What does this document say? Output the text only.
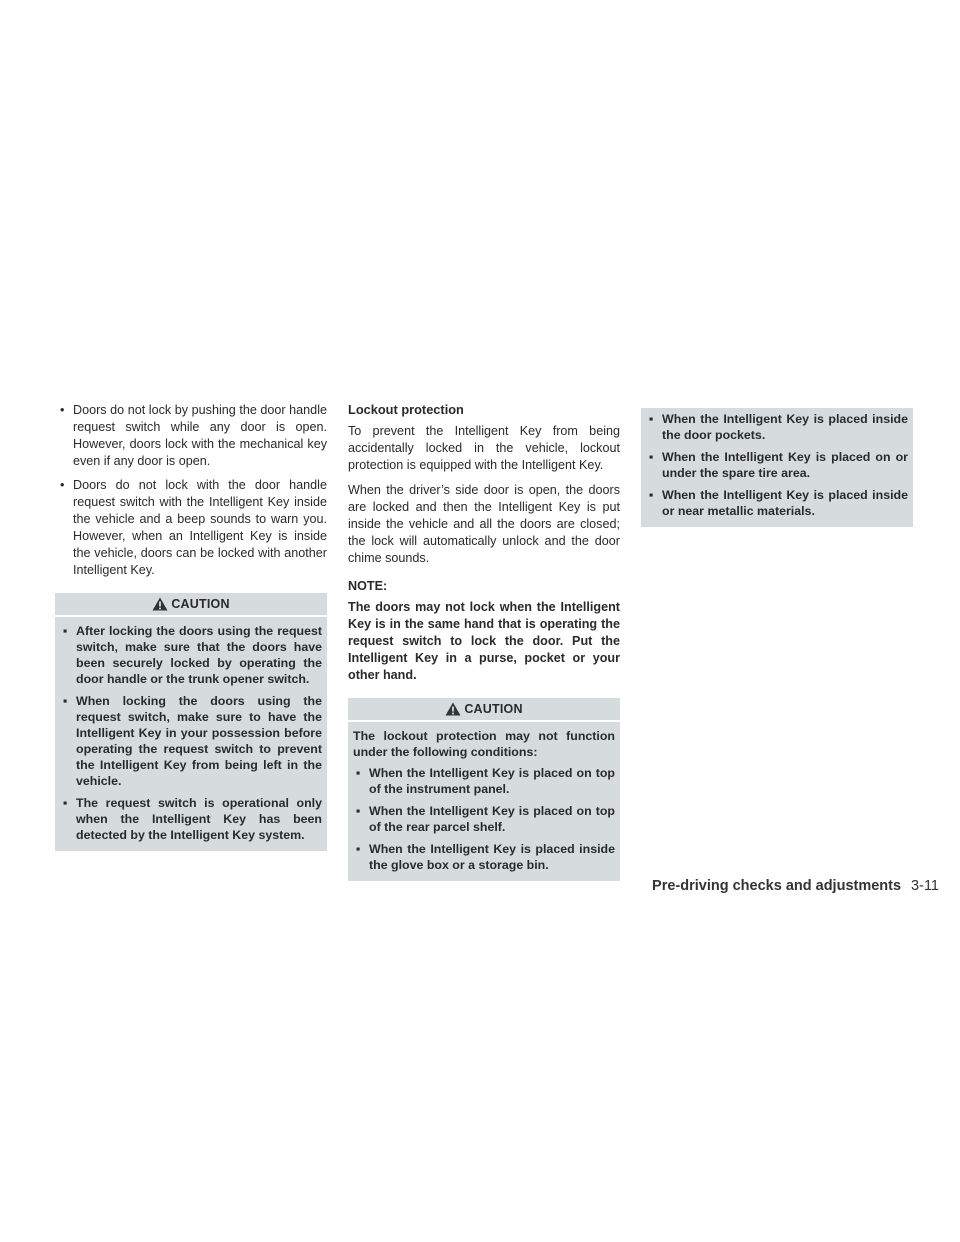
• Doors do not lock by pushing the door handle request switch while any door is open. However, doors lock with the mechanical key even if any door is open.
• Doors do not lock with the door handle request switch with the Intelligent Key inside the vehicle and a beep sounds to warn you. However, when an Intelligent Key is inside the vehicle, doors can be locked with another Intelligent Key.
CAUTION
▪ After locking the doors using the request switch, make sure that the doors have been securely locked by operating the door handle or the trunk opener switch.
▪ When locking the doors using the request switch, make sure to have the Intelligent Key in your possession before operating the request switch to prevent the Intelligent Key from being left in the vehicle.
▪ The request switch is operational only when the Intelligent Key has been detected by the Intelligent Key system.
Lockout protection

To prevent the Intelligent Key from being accidentally locked in the vehicle, lockout protection is equipped with the Intelligent Key.

When the driver’s side door is open, the doors are locked and then the Intelligent Key is put inside the vehicle and all the doors are closed; the lock will automatically unlock and the door chime sounds.

NOTE:

The doors may not lock when the Intelligent Key is in the same hand that is operating the request switch to lock the door. Put the Intelligent Key in a purse, pocket or your other hand.

CAUTION

The lockout protection may not function under the following conditions:

▪ When the Intelligent Key is placed on top of the instrument panel.
▪ When the Intelligent Key is placed on top of the rear parcel shelf.
▪ When the Intelligent Key is placed inside the glove box or a storage bin.
▪ When the Intelligent Key is placed inside the door pockets.
▪ When the Intelligent Key is placed on or under the spare tire area.
▪ When the Intelligent Key is placed inside or near metallic materials.
Pre-driving checks and adjustments 3-11
